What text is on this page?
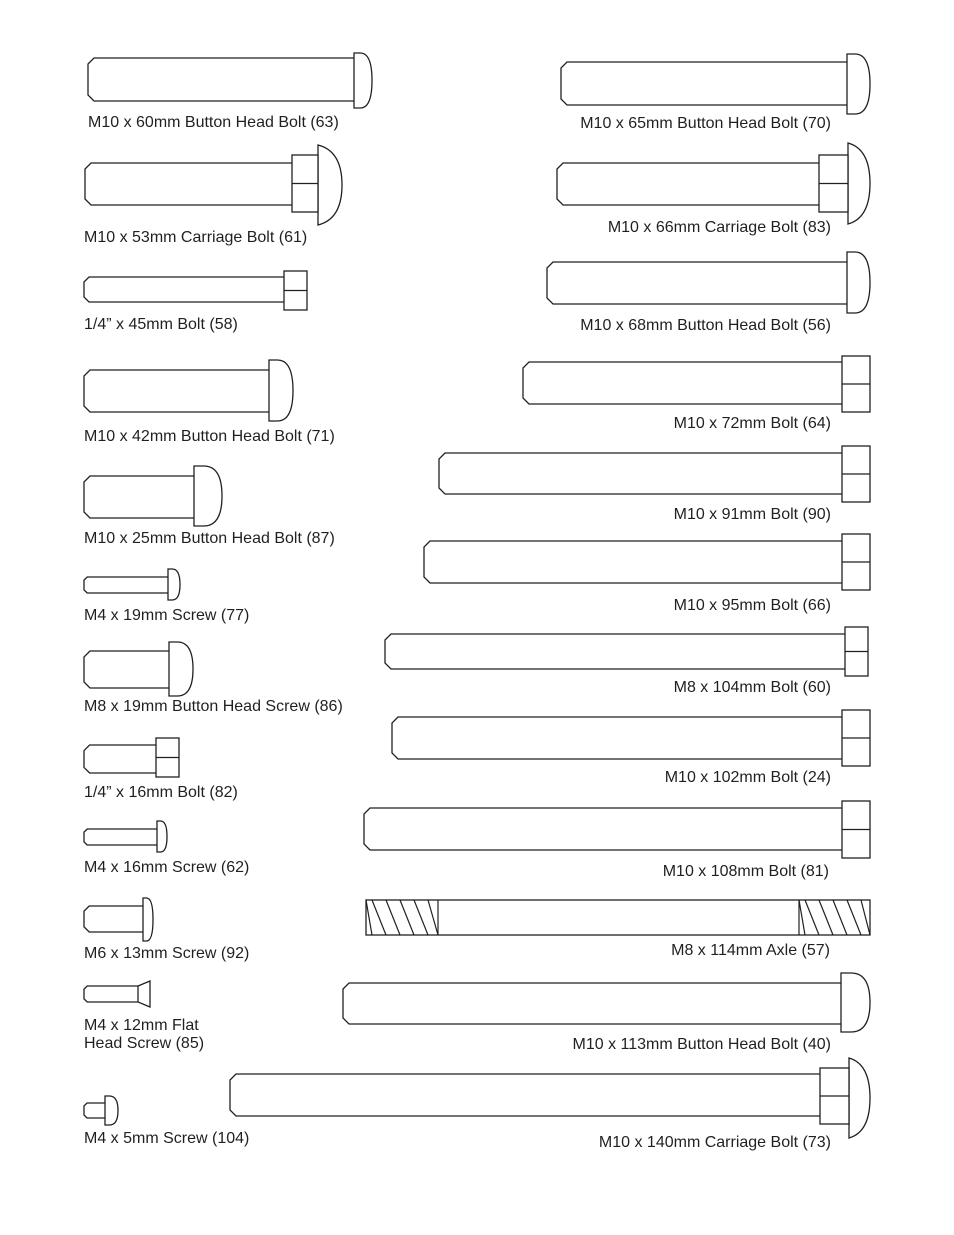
M10 x 60mm Button Head Bolt (63)
M10 x 53mm Carriage Bolt (61)
1/4” x 45mm Bolt (58)
M10 x 42mm Button Head Bolt (71)
M10 x 25mm Button Head Bolt (87)
M4 x 19mm Screw (77)
M8 x 19mm Button Head Screw (86)
1/4” x 16mm Bolt (82)
M4 x 16mm Screw (62)
M6 x 13mm Screw (92)
M4 x 12mm Flat
Head Screw (85)
M4 x 5mm Screw (104)
M10 x 65mm Button Head Bolt (70)
M10 x 66mm Carriage Bolt (83)
M10 x 68mm Button Head Bolt (56)
M10 x 72mm Bolt (64)
M10 x 91mm Bolt (90)
M10 x 95mm Bolt (66)
M8 x 104mm Bolt (60)
M10 x 102mm Bolt (24)
M10 x 108mm Bolt (81)
M8 x 114mm Axle (57)
M10 x 113mm Button Head Bolt (40)
M10 x 140mm Carriage Bolt (73)
